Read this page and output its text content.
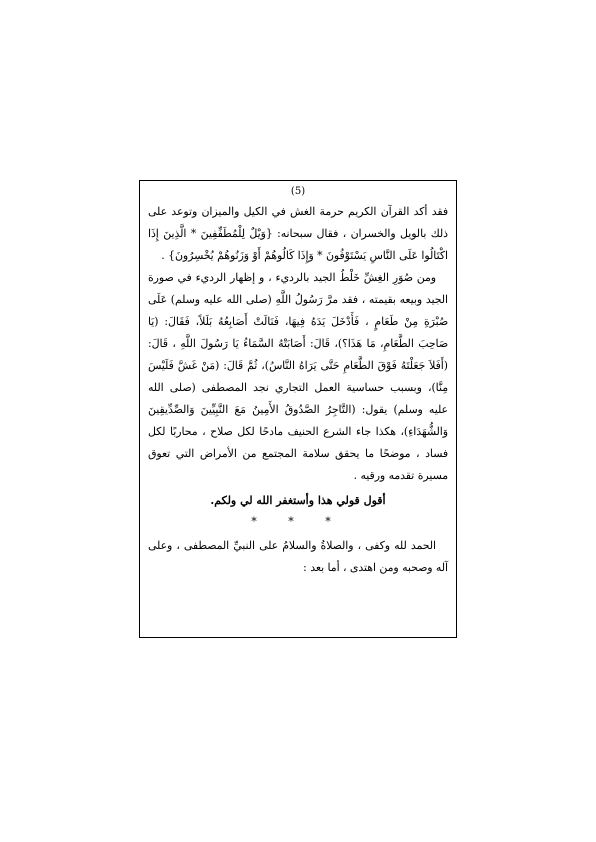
(5)

فقد أكد القرآن الكريم حرمة الغش في الكيل والميزان وتوعد على ذلك بالويل والخسران ، فقال سبحانه: {وَيْلٌ لِلْمُطَفِّفِينَ * الَّذِينَ إِذَا اكْتَالُوا عَلَى النَّاسِ يَسْتَوْفُونَ * وَإِذَا كَالُوهُمْ أَوْ وَزَنُوهُمْ يُخْسِرُونَ} .

ومن صُوَرِ الغِشِّ خَلْطُ الجيد بالرديء ، و إظهار الرديء في صورة الجيد وبيعه بقيمته ، فقد مرَّ رَسُولُ اللَّهِ (صلى الله عليه وسلم) عَلَى صُبْرَةِ مِنْ طَعَامٍ ، فَأَدْخَلَ يَدَهُ فِيهَا، فَنَالَتْ أَصَابِعُهُ بَلَلاً، فَقَالَ: (يَا صَاحِبَ الطَّعَامِ، مَا هَذَا؟)، قَالَ: أَصَابَتْهُ السَّمَاءُ يَا رَسُولَ اللَّهِ ، قَالَ: (أَفَلاَ جَعَلْتَهُ فَوْقَ الطَّعَامِ حَتَّى يَرَاهُ النَّاسُ)، ثُمَّ قَالَ: (مَنْ غَشَّ فَلَيْسَ مِنَّا)، وبسبب حساسية العمل التجاري نجد المصطفى (صلى الله عليه وسلم) يقول: (التَّاجِرُ الصَّدُوقُ الأَمِينُ مَعَ النَّبِيِّينَ وَالصِّدِّيقِينَ وَالشُّهَدَاءِ)، هكذا جاء الشرع الحنيف مادحًا لكل صلاح ، محاربًا لكل فساد ، موضحًا ما يحقق سلامة المجتمع من الأمراض التي تعوق مسيرة تقدمه ورقيه .

أقول قولي هذا وأستغفر الله لي ولكم.

* * *

الحمد لله وكفى ، والصلاةُ والسلامُ على النبيِّ المصطفى ، وعلى آله وصحبه ومن اهتدى ، أما بعد :
